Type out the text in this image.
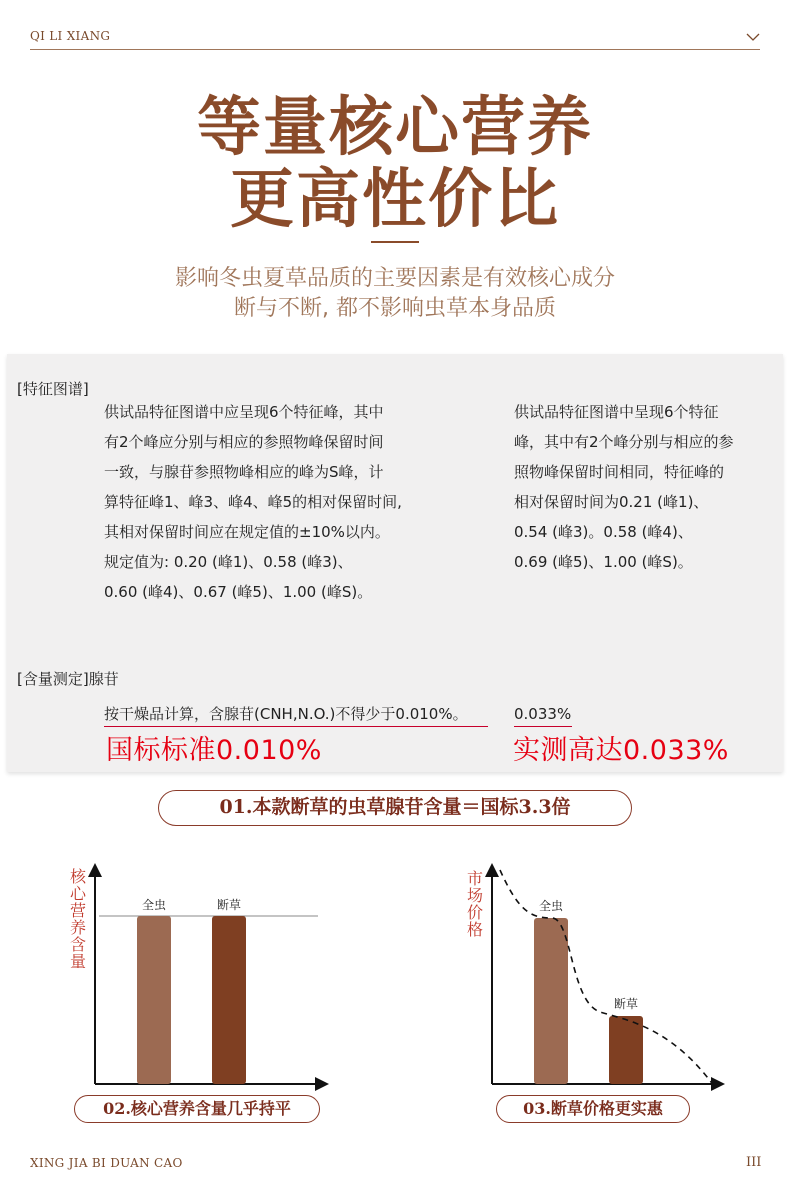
QI LI XIANG
等量核心营养
更高性价比
影响冬虫夏草品质的主要因素是有效核心成分
断与不断, 都不影响虫草本身品质
[特征图谱]
供试品特征图谱中应呈现6个特征峰，其中
有2个峰应分别与相应的参照物峰保留时间
一致，与腺苷参照物峰相应的峰为S峰，计
算特征峰1、峰3、峰4、峰5的相对保留时间,
其相对保留时间应在规定值的±10%以内。
规定值为: 0.20 (峰1)、0.58 (峰3)、
0.60 (峰4)、0.67 (峰5)、1.00 (峰S)。
供试品特征图谱中呈现6个特征
峰，其中有2个峰分别与相应的参
照物峰保留时间相同，特征峰的
相对保留时间为0.21 (峰1)、
0.54 (峰3)。0.58 (峰4)、
0.69 (峰5)、1.00 (峰S)。
[含量测定]腺苷
按干燥品计算，含腺苷(CNH,N.O.)不得少于0.010%。	0.033%
国标标准0.010%	实测高达0.033%
01.本款断草的虫草腺苷含量＝国标3.3倍
核
心
营
养
含
量
全虫	断草
市
场
价
格
全虫
断草
02.核心营养含量几乎持平	03.断草价格更实惠
XING JIA BI DUAN CAO	III
